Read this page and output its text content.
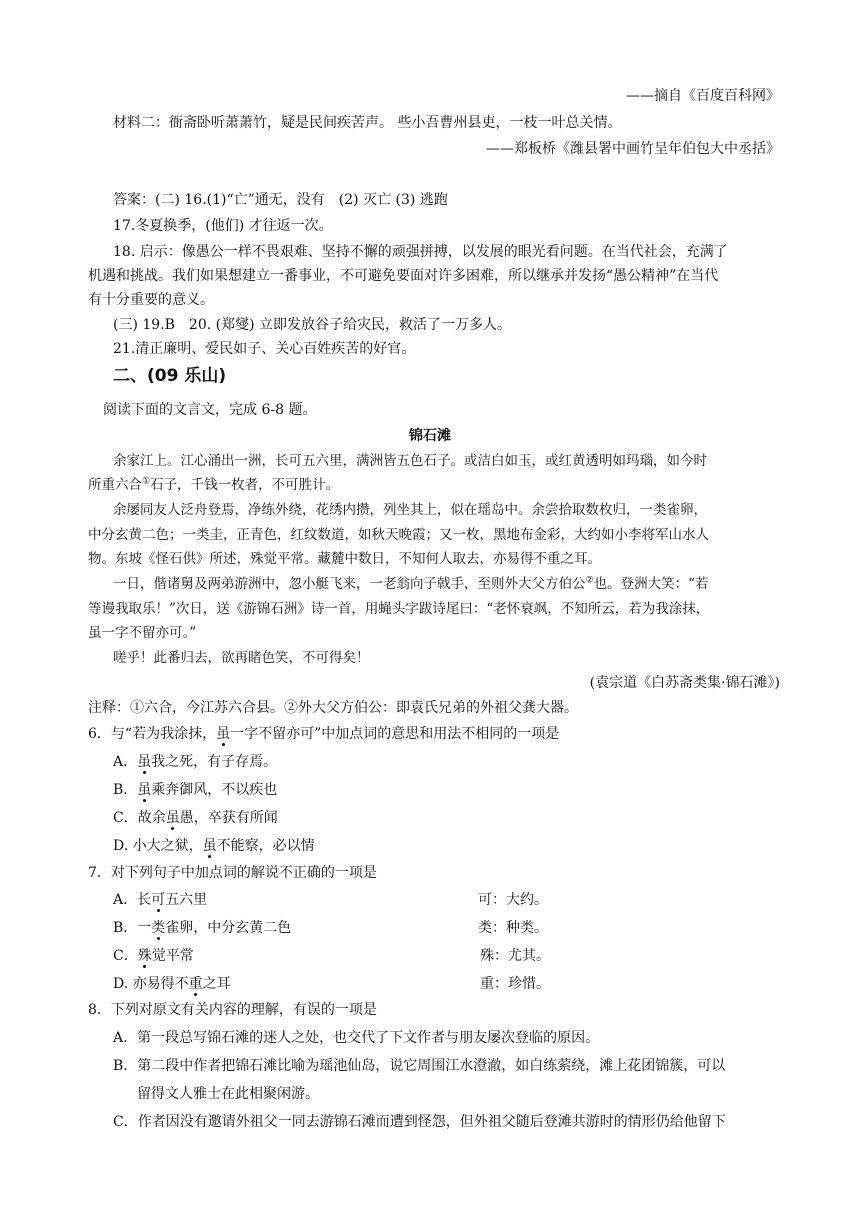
——摘自《百度百科网》
材料二：衙斋卧听萧萧竹，疑是民间疾苦声。 些小吾曹州县吏，一枝一叶总关情。
——郑板桥《潍县署中画竹呈年伯包大中丞括》
答案：(二) 16.(1)“亡”通无，没有　(2) 灭亡 (3) 逃跑
17.冬夏换季，(他们) 才往返一次。
18. 启示：像愚公一样不畏艰难、坚持不懈的顽强拼搏，以发展的眼光看问题。在当代社会，充满了
机遇和挑战。我们如果想建立一番事业，不可避免要面对许多困难，所以继承并发扬“愚公精神”在当代
有十分重要的意义。
(三) 19.B　20. (郑燮) 立即发放谷子给灾民，救活了一万多人。
21.清正廉明、爱民如子、关心百姓疾苦的好官。
二、(09 乐山)
阅读下面的文言文，完成 6-8 题。
锦石滩
余家江上。江心涌出一洲，长可五六里，满洲皆五色石子。或洁白如玉，或红黄透明如玛瑙，如今时
所重六合①石子，千钱一枚者，不可胜计。
余屡同友人泛舟登焉，净练外绕，花绣内攒，列坐其上，似在瑶岛中。余尝拾取数枚归，一类雀卵，
中分玄黄二色；一类圭，正青色，红纹数道，如秋天晚霞；又一枚，黑地布金彩，大约如小李将军山水人
物。东坡《怪石供》所述，殊觉平常。藏麓中数日，不知何人取去，亦易得不重之耳。
一日，偕诸舅及两弟游洲中，忽小艇飞来，一老翁向子戟手，至则外大父方伯公②也。登洲大笑：“若
等谩我取乐！”次日，送《游锦石洲》诗一首，用蝇头字跋诗尾曰：“老怀衰飒，不知所云，若为我涂抹，
虽一字不留亦可。”
嗟乎！此番归去，欲再睹色笑，不可得矣！
(袁宗道《白苏斋类集·锦石滩》)
注释：①六合，今江苏六合县。②外大父方伯公：即袁氏兄弟的外祖父龚大器。
6．与“若为我涂抹，虽一字不留亦可”中加点词的意思和用法不相同的一项是
A．虽我之死，有子存焉。
B．虽乘奔御风，不以疾也
C．故余虽愚，卒获有所闻
D. 小大之狱，虽不能察，必以情
7．对下列句子中加点词的解说不正确的一项是
A．长可五六里	可：大约。
B．一类雀卵，中分玄黄二色	类：种类。
C．殊觉平常	殊：尤其。
D. 亦易得不重之耳	重：珍惜。
8．下列对原文有关内容的理解，有误的一项是
A．第一段总写锦石滩的迷人之处，也交代了下文作者与朋友屡次登临的原因。
B．第二段中作者把锦石滩比喻为瑶池仙岛，说它周围江水澄澈，如白练萦绕，滩上花团锦簇，可以
留得文人雅士在此相聚闲游。
C．作者因没有邀请外祖父一同去游锦石滩而遭到怪怨，但外祖父随后登滩共游时的情形仍给他留下
